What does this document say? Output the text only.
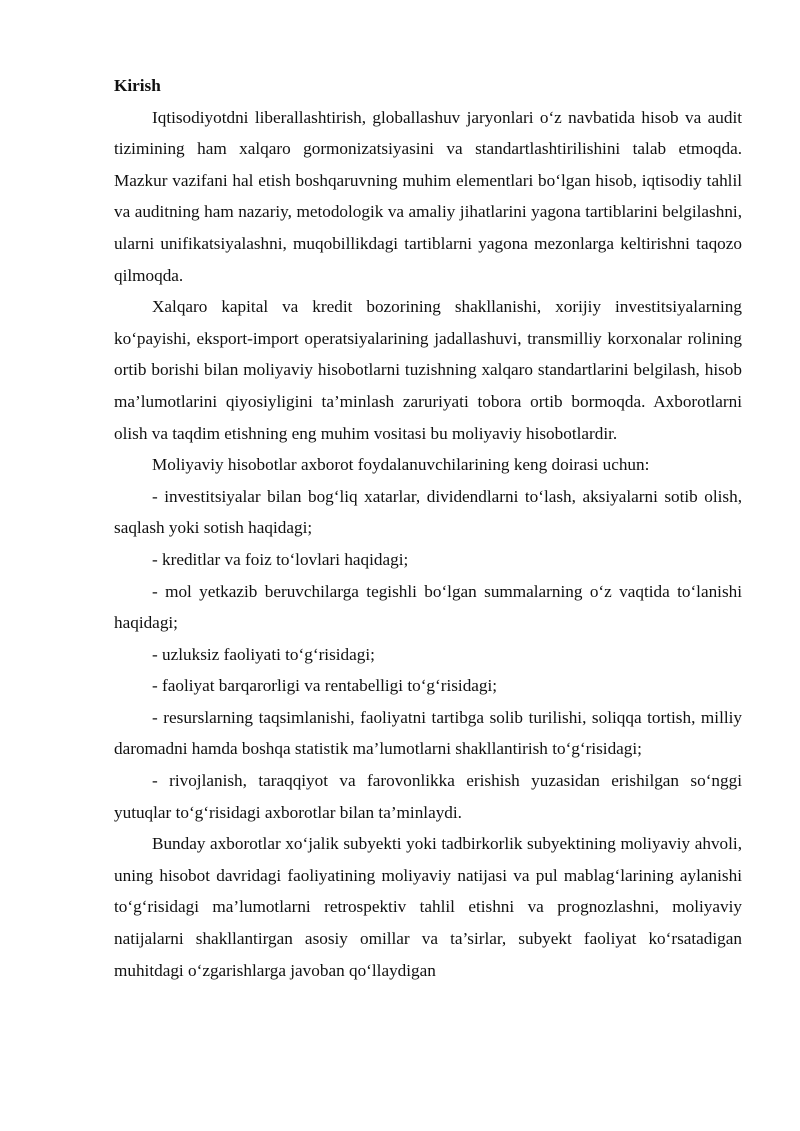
Kirish

Iqtisodiyotdni liberallashtirish, globallashuv jaryonlari o‘z navbatida hisob va audit tizimining ham xalqaro gormonizatsiyasini va standartlashtirilishini talab etmoqda. Mazkur vazifani hal etish boshqaruvning muhim elementlari bo‘lgan hisob, iqtisodiy tahlil va auditning ham nazariy, metodologik va amaliy jihatlarini yagona tartiblarini belgilashni, ularni unifikatsiyalashni, muqobillikdagi tartiblarni yagona mezonlarga keltirishni taqozo qilmoqda.

Xalqaro kapital va kredit bozorining shakllanishi, xorijiy investitsiyalarning ko‘payishi, eksport-import operatsiyalarining jadallashuvi, transmilliy korxonalar rolining ortib borishi bilan moliyaviy hisobotlarni tuzishning xalqaro standartlarini belgilash, hisob ma’lumotlarini qiyosiyligini ta’minlash zaruriyati tobora ortib bormoqda. Axborotlarni olish va taqdim etishning eng muhim vositasi bu moliyaviy hisobotlardir.

Moliyaviy hisobotlar axborot foydalanuvchilarining keng doirasi uchun:

- investitsiyalar bilan bog‘liq xatarlar, dividendlarni to‘lash, aksiyalarni sotib olish, saqlash yoki sotish haqidagi;

- kreditlar va foiz to‘lovlari haqidagi;

- mol yetkazib beruvchilarga tegishli bo‘lgan summalarning o‘z vaqtida to‘lanishi haqidagi;

- uzluksiz faoliyati to‘g‘risidagi;

- faoliyat barqarorligi va rentabelligi to‘g‘risidagi;

- resurslarning taqsimlanishi, faoliyatni tartibga solib turilishi, soliqqa tortish, milliy daromadni hamda boshqa statistik ma’lumotlarni shakllantirish to‘g‘risidagi;

- rivojlanish, taraqqiyot va farovonlikka erishish yuzasidan erishilgan so‘nggi yutuqlar to‘g‘risidagi axborotlar bilan ta’minlaydi.

Bunday axborotlar xo‘jalik subyekti yoki tadbirkorlik subyektining moliyaviy ahvoli, uning hisobot davridagi faoliyatining moliyaviy natijasi va pul mablag‘larining aylanishi to‘g‘risidagi ma’lumotlarni retrospektiv tahlil etishni va prognozlashni, moliyaviy natijalarni shakllantirgan asosiy omillar va ta’sirlar, subyekt faoliyat ko‘rsatadigan muhitdagi o‘zgarishlarga javoban qo‘llaydigan
